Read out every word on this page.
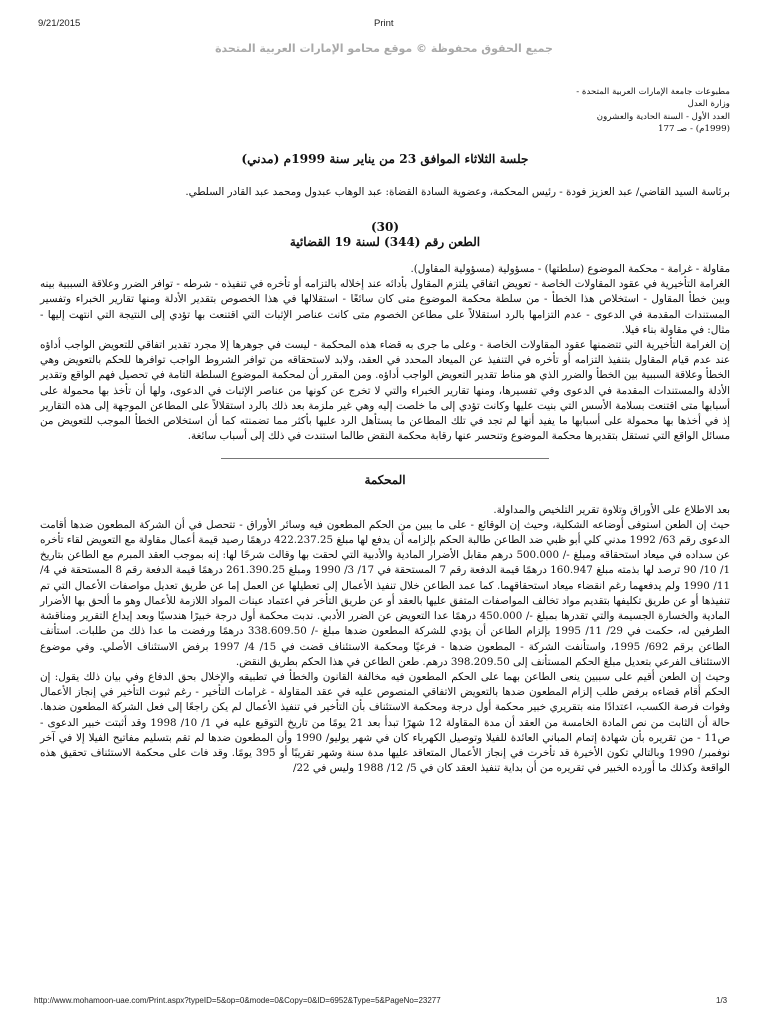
9/21/2015	Print
جميع الحقوق محفوظة © موقع محامو الإمارات العربية المتحدة
مطبوعات جامعة الإمارات العربية المتحدة - وزارة العدل
العدد الأول - السنة الحادية والعشرون (1999م) - صـ 177
جلسة الثلاثاء الموافق 23 من يناير سنة 1999م (مدني)

برئاسة السيد القاضي/ عبد العزيز فودة - رئيس المحكمة، وعضوية السادة القضاة: عبد الوهاب عبدول ومحمد عبد القادر السلطي.

(30)
الطعن رقم (344) لسنة 19 القضائية

مقاولة - غرامة - محكمة الموضوع (سلطتها) - مسؤولية (مسؤولية المقاول).

الغرامة التأخيرية في عقود المقاولات الخاصة - تعويض اتفاقي يلتزم المقاول بأدائه عند إخلاله بالتزامه أو تأخره في تنفيذه - شرطه - توافر الضرر وعلاقة السببية بينه وبين خطأ المقاول - استخلاص هذا الخطأ - من سلطة محكمة الموضوع متى كان سائغًا - استقلالها في هذا الخصوص بتقدير الأدلة ومنها تقارير الخبراء وتفسير المستندات المقدمة في الدعوى - عدم التزامها بالرد استقلالاً على مطاعن الخصوم متى كانت عناصر الإثبات التي اقتنعت بها تؤدي إلى النتيجة التي انتهت إليها - مثال: في مقاولة بناء فيلا.

إن الغرامة التأخيرية التي تتضمنها عقود المقاولات الخاصة - وعلى ما جرى به قضاء هذه المحكمة - ليست في جوهرها إلا مجرد تقدير اتفاقي للتعويض الواجب أداؤه عند عدم قيام المقاول بتنفيذ التزامه أو تأخره في التنفيذ عن الميعاد المحدد في العقد، ولابد لاستحقاقه من توافر الشروط الواجب توافرها للحكم بالتعويض وهي الخطأ وعلاقة السببية بين الخطأ والضرر الذي هو مناط تقدير التعويض الواجب أداؤه. ومن المقرر أن لمحكمة الموضوع السلطة التامة في تحصيل فهم الواقع وتقدير الأدلة والمستندات المقدمة في الدعوى وفي تفسيرها، ومنها تقارير الخبراء والتي لا تخرج عن كونها من عناصر الإثبات في الدعوى، ولها أن تأخذ بها محمولة على أسبابها متى اقتنعت بسلامة الأسس التي بنيت عليها وكانت تؤدي إلى ما خلصت إليه وهي غير ملزمة بعد ذلك بالرد استقلالاً على المطاعن الموجهة إلى هذه التقارير إذ في أخذها بها محمولة على أسبابها ما يفيد أنها لم تجد في تلك المطاعن ما يستأهل الرد عليها بأكثر مما تضمنته كما أن استخلاص الخطأ الموجب للتعويض من مسائل الواقع التي تستقل بتقديرها محكمة الموضوع وتنحسر عنها رقابة محكمة النقض طالما استندت في ذلك إلى أسباب سائغة.

المحكمة

بعد الاطلاع على الأوراق وتلاوة تقرير التلخيص والمداولة.

حيث إن الطعن استوفى أوضاعه الشكلية، وحيث إن الوقائع - على ما يبين من الحكم المطعون فيه وسائر الأوراق - تتحصل في أن الشركة المطعون ضدها أقامت الدعوى رقم 63/ 1992 مدني كلي أبو ظبي ضد الطاعن طالبة الحكم بإلزامه أن يدفع لها مبلغ 422.237.25 درهمًا رصيد قيمة أعمال مقاولة مع التعويض لقاء تأخره عن سداده في ميعاد استحقاقه ومبلغ -/ 500.000 درهم مقابل الأضرار المادية والأدبية التي لحقت بها وقالت شرحًا لها: إنه بموجب العقد المبرم مع الطاعن بتاريخ 1/ 10/ 90 ترصد لها بذمته مبلغ 160.947 درهمًا قيمة الدفعة رقم 7 المستحقة في 17/ 3/ 1990 ومبلغ 261.390.25 درهمًا قيمة الدفعة رقم 8 المستحقة في 4/ 11/ 1990 ولم يدفعهما رغم انقضاء ميعاد استحقاقهما. كما عمد الطاعن خلال تنفيذ الأعمال إلى تعطيلها عن العمل إما عن طريق تعديل مواصفات الأعمال التي تم تنفيذها أو عن طريق تكليفها بتقديم مواد تخالف المواصفات المتفق عليها بالعقد أو عن طريق التأخر في اعتماد عينات المواد اللازمة للأعمال وهو ما ألحق بها الأضرار المادية والخسارة الجسيمة والتي تقدرها بمبلغ -/ 450.000 درهمًا عدا التعويض عن الضرر الأدبي. ندبت محكمة أول درجة خبيرًا هندسيًا وبعد إيداع التقرير ومناقشة الطرفين له، حكمت في 29/ 11/ 1995 بإلزام الطاعن أن يؤدي للشركة المطعون ضدها مبلغ -/ 338.609.50 درهمًا ورفضت ما عدا ذلك من طلبات. استأنف الطاعن برقم 692/ 1995، واستأنفت الشركة - المطعون ضدها - فرعيًا ومحكمة الاستئناف قضت في 15/ 4/ 1997 برفض الاستئناف الأصلي. وفي موضوع الاستئناف الفرعي بتعديل مبلغ الحكم المستأنف إلى 398.209.50 درهم. طعن الطاعن في هذا الحكم بطريق النقض.

وحيث إن الطعن أقيم على سببين ينعى الطاعن بهما على الحكم المطعون فيه مخالفة القانون والخطأ في تطبيقه والإخلال بحق الدفاع وفي بيان ذلك يقول: إن الحكم أقام قضاءه برفض طلب إلزام المطعون ضدها بالتعويض الاتفاقي المنصوص عليه في عقد المقاولة - غرامات التأخير - رغم ثبوت التأخير في إنجاز الأعمال وفوات فرصة الكسب، اعتدادًا منه بتقريري خبير محكمة أول درجة ومحكمة الاستئناف بأن التأخير في تنفيذ الأعمال لم يكن راجعًا إلى فعل الشركة المطعون ضدها. حالة أن الثابت من نص المادة الخامسة من العقد أن مدة المقاولة 12 شهرًا تبدأ بعد 21 يومًا من تاريخ التوقيع عليه في 1/ 10/ 1998 وقد أثبتت خبير الدعوى - ص11 - من تقريره بأن شهادة إتمام المباني العائدة للفيلا وتوصيل الكهرباء كان في شهر يوليو/ 1990 وأن المطعون ضدها لم تقم بتسليم مفاتيح الفيلا إلا في آخر نوفمبر/ 1990 وبالتالي تكون الأخيرة قد تأخرت في إنجاز الأعمال المتعاقد عليها مدة سنة وشهر تقريبًا أو 395 يومًا. وقد فات على محكمة الاستئناف تحقيق هذه الواقعة وكذلك ما أورده الخبير في تقريره من أن بداية تنفيذ العقد كان في 5/ 12/ 1988 وليس في 22/

http://www.mohamoon-uae.com/Print.aspx?typeID=5&op=0&mode=0&Copy=0&ID=6952&Type=5&PageNo=23277	1/3
